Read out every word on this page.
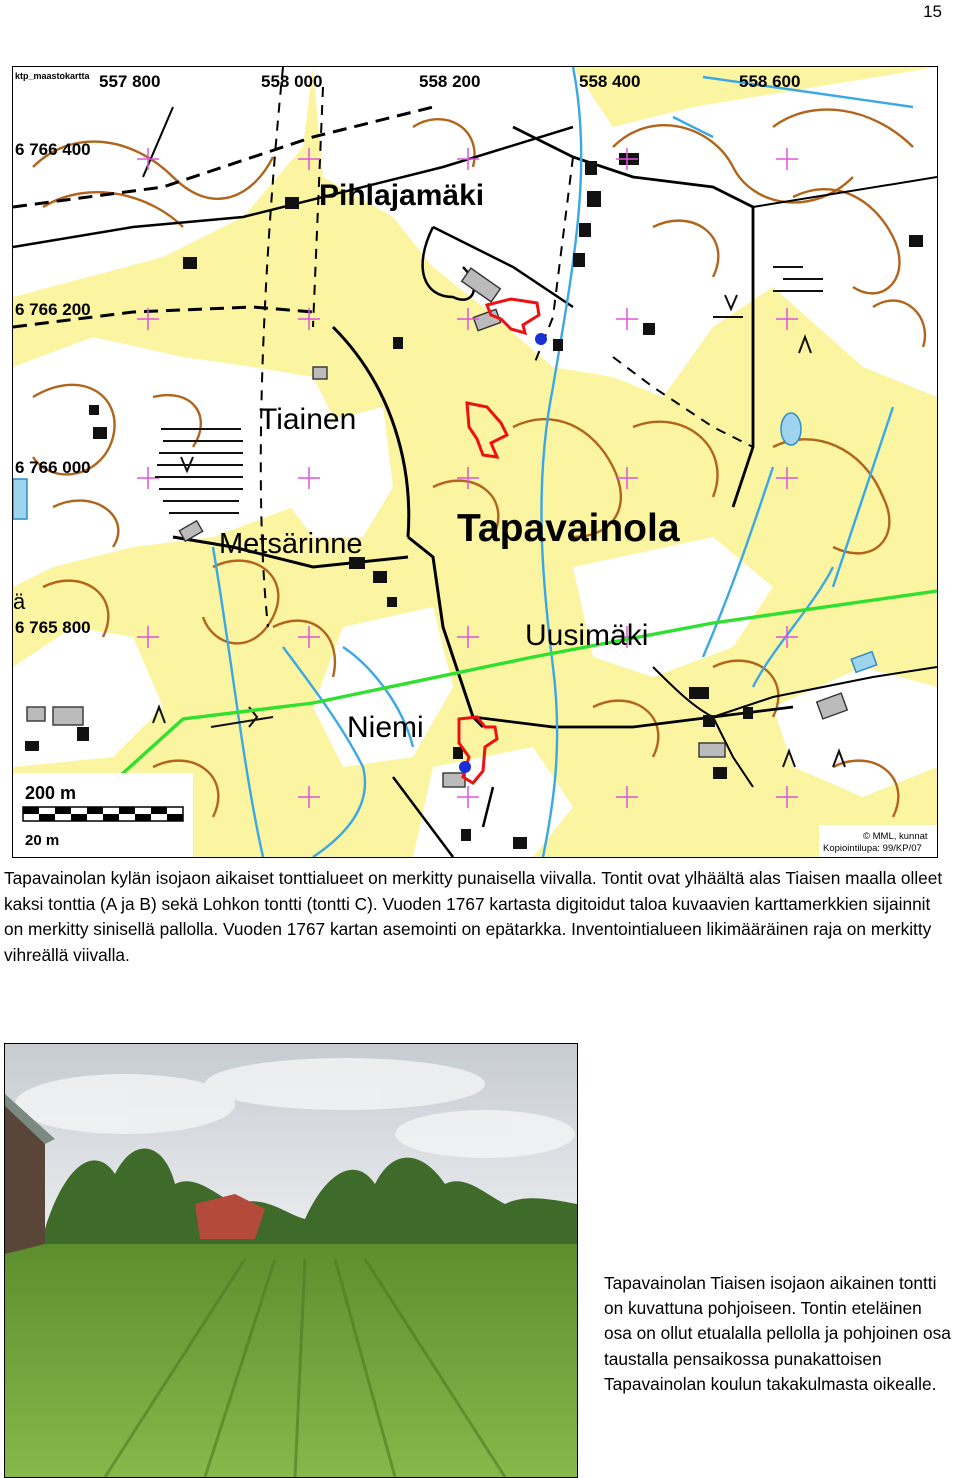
15
ktp_maastokartta 557 800	558 000	558 200	558 400	558 600
6 766 400
6 766 200
6 766 000
ä
6 765 800
Pihlajamäki
Tiainen
Metsärinne Tapavainola
Uusimäki
Niemi
200 m
20 m	© MML, kunnat
Kopiointilupa: 99/KP/07
Tapavainolan kylän isojaon aikaiset tonttialueet on merkitty punaisella viivalla. Tontit ovat ylhäältä alas Tiaisen maalla olleet kaksi tonttia (A ja B) sekä Lohkon tontti (tontti C). Vuoden 1767 kartasta digitoidut taloa kuvaavien karttamerkkien sijainnit on merkitty sinisellä pallolla. Vuoden 1767 kartan asemointi on epätarkka. Inventointialueen likimääräinen raja on merkitty vihreällä viivalla.
Tapavainolan Tiaisen isojaon aikainen tontti on kuvattuna pohjoiseen. Tontin eteläinen osa on ollut etualalla pellolla ja pohjoinen osa taustalla pensaikossa punakattoisen Tapavainolan koulun takakulmasta oikealle.
